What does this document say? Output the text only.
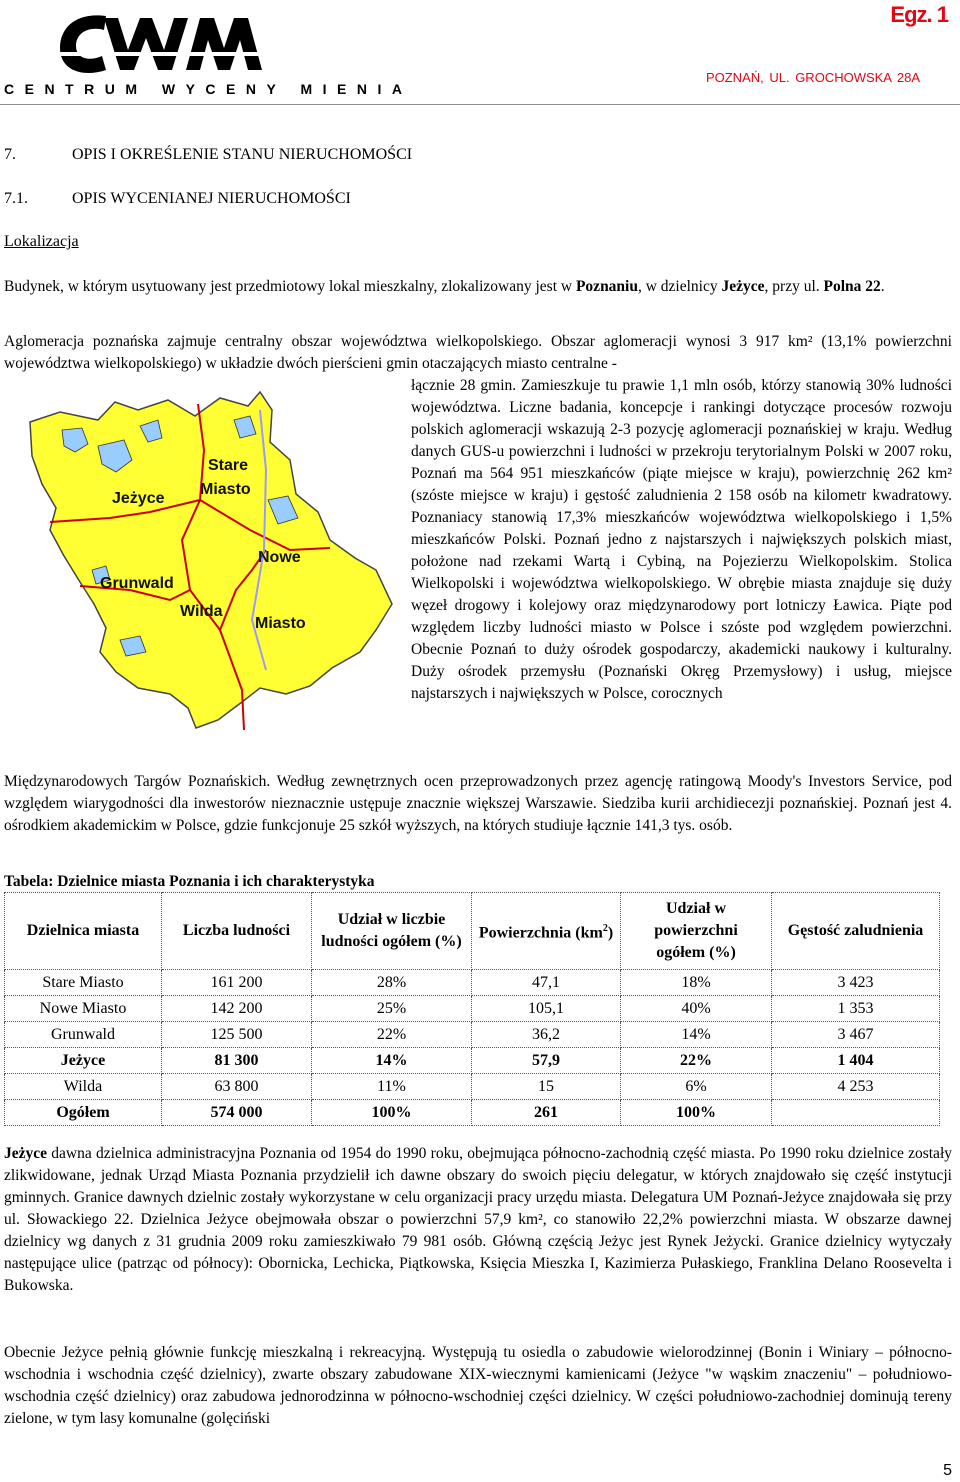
CENTRUM WYCENY MIENIA
Egz. 1
POZNAŃ, UL. GROCHOWSKA 28A
7.	OPIS I OKREŚLENIE STANU NIERUCHOMOŚCI
7.1.	OPIS WYCENIANEJ NIERUCHOMOŚCI
Lokalizacja
Budynek, w którym usytuowany jest przedmiotowy lokal mieszkalny, zlokalizowany jest w Poznaniu, w dzielnicy Jeżyce, przy ul. Polna 22.
Aglomeracja poznańska zajmuje centralny obszar województwa wielkopolskiego. Obszar aglomeracji wynosi 3 917 km² (13,1% powierzchni województwa wielkopolskiego) w układzie dwóch pierścieni gmin otaczających miasto centralne -
Stare
Miasto
Jeżyce
Nowe
Grunwald
Wilda
Miasto
łącznie 28 gmin. Zamieszkuje tu prawie 1,1 mln osób, którzy stanowią 30% ludności województwa. Liczne badania, koncepcje i rankingi dotyczące procesów rozwoju polskich aglomeracji wskazują 2-3 pozycję aglomeracji poznańskiej w kraju. Według danych GUS-u powierzchni i ludności w przekroju terytorialnym Polski w 2007 roku, Poznań ma 564 951 mieszkańców (piąte miejsce w kraju), powierzchnię 262 km² (szóste miejsce w kraju) i gęstość zaludnienia 2 158 osób na kilometr kwadratowy. Poznaniacy stanowią 17,3% mieszkańców województwa wielkopolskiego i 1,5% mieszkańców Polski. Poznań jedno z najstarszych i największych polskich miast, położone nad rzekami Wartą i Cybiną, na Pojezierzu Wielkopolskim. Stolica Wielkopolski i województwa wielkopolskiego. W obrębie miasta znajduje się duży węzeł drogowy i kolejowy oraz międzynarodowy port lotniczy Ławica. Piąte pod względem liczby ludności miasto w Polsce i szóste pod względem powierzchni. Obecnie Poznań to duży ośrodek gospodarczy, akademicki naukowy i kulturalny. Duży ośrodek przemysłu (Poznański Okręg Przemysłowy) i usług, miejsce najstarszych i największych w Polsce, corocznych
Międzynarodowych Targów Poznańskich. Według zewnętrznych ocen przeprowadzonych przez agencję ratingową Moody's Investors Service, pod względem wiarygodności dla inwestorów nieznacznie ustępuje znacznie większej Warszawie. Siedziba kurii archidiecezji poznańskiej. Poznań jest 4. ośrodkiem akademickim w Polsce, gdzie funkcjonuje 25 szkół wyższych, na których studiuje łącznie 141,3 tys. osób.
Tabela: Dzielnice miasta Poznania i ich charakterystyka
Dzielnica miasta	Liczba ludności	Udział w liczbie ludności ogółem (%)	Powierzchnia $(km^2)$	Udział w powierzchni ogółem (%)	Gęstość zaludnienia
Stare Miasto	161 200	28%	47,1	18%	3 423
Nowe Miasto	142 200	25%	105,1	40%	1 353
Grunwald	125 500	22%	36,2	14%	3 467
Jeżyce	81 300	14%	57,9	22%	1 404
Wilda	63 800	11%	15	6%	4 253
Ogółem	574 000	100%	261	100%	
Jeżyce dawna dzielnica administracyjna Poznania od 1954 do 1990 roku, obejmująca północno-zachodnią część miasta. Po 1990 roku dzielnice zostały zlikwidowane, jednak Urząd Miasta Poznania przydzielił ich dawne obszary do swoich pięciu delegatur, w których znajdowało się część instytucji gminnych. Granice dawnych dzielnic zostały wykorzystane w celu organizacji pracy urzędu miasta. Delegatura UM Poznań-Jeżyce znajdowała się przy ul. Słowackiego 22. Dzielnica Jeżyce obejmowała obszar o powierzchni 57,9 km², co stanowiło 22,2% powierzchni miasta. W obszarze dawnej dzielnicy wg danych z 31 grudnia 2009 roku zamieszkiwało 79 981 osób. Główną częścią Jeżyc jest Rynek Jeżycki. Granice dzielnicy wytyczały następujące ulice (patrząc od północy): Obornicka, Lechicka, Piątkowska, Księcia Mieszka I, Kazimierza Pułaskiego, Franklina Delano Roosevelta i Bukowska.
Obecnie Jeżyce pełnią głównie funkcję mieszkalną i rekreacyjną. Występują tu osiedla o zabudowie wielorodzinnej (Bonin i Winiary – północno-wschodnia i wschodnia część dzielnicy), zwarte obszary zabudowane XIX-wiecznymi kamienicami (Jeżyce "w wąskim znaczeniu" – południowo-wschodnia część dzielnicy) oraz zabudowa jednorodzinna w północno-wschodniej części dzielnicy. W części południowo-zachodniej dominują tereny zielone, w tym lasy komunalne (golęciński
5
